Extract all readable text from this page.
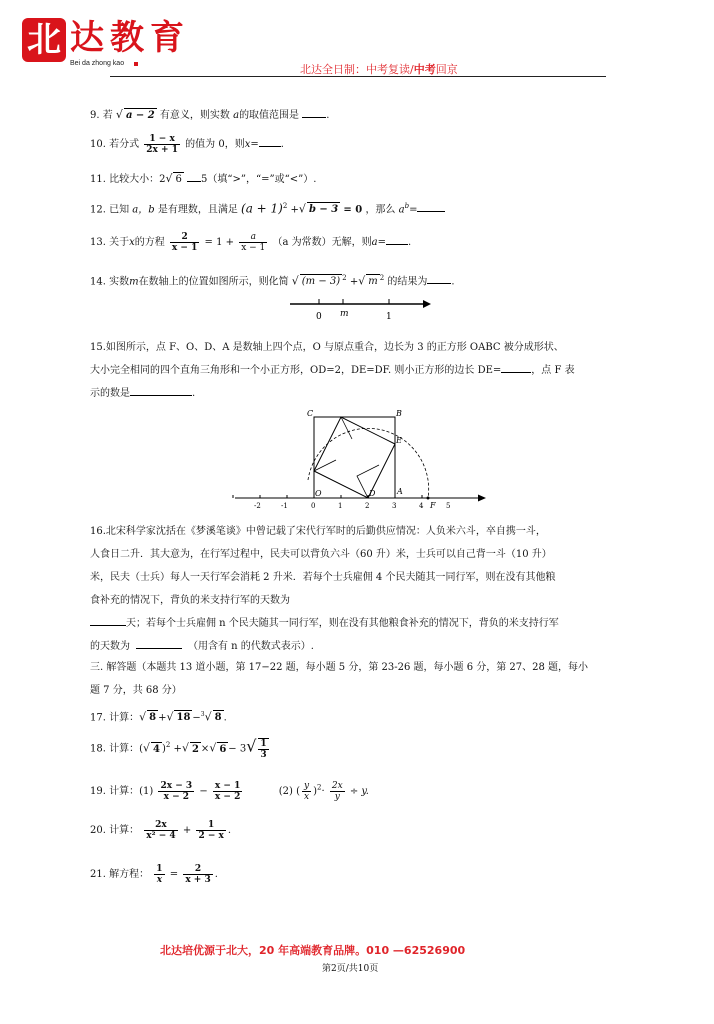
北 达教育
Bei da zhong kao	北达全日制：中考复读/中考回京
9. 若 √ a − 2 有意义，则实数 a的取值范围是	.
10. 若分式 $\frac{1 - x}{2x + 1}$ 的值为 0，则x= .
11. 比较大小：2√ 6 5（填“>”，“=”或“<”）.
12. 已知 a，b 是有理数，且满足 $(a + 1)^2$ +√ b − 3 = 0 ，那么 $a^b=$
13. 关于x的方程 $\frac{2}{x - 1} = 1 + \frac{a}{x - 1} (a$ 为常数）无解，则a= .
14. 实数m在数轴上的位置如图所示，则化简 √ (m − 3) $^2$ +√ m $^2$ 的结果为 .
0 m	1
15.如图所示，点 F、O、D、A 是数轴上四个点，O 与原点重合，边长为 3 的正方形 OABC 被分成形状、
大小完全相同的四个直角三角形和一个小正方形，OD=2，DE=DF. 则小正方形的边长 DE=	，点 F 表
示的数是	.
-2	-1	0	1	2	3	4	5
C	B
E
O	D	A
F
16.北宋科学家沈括在《梦溪笔谈》中曾记载了宋代行军时的后勤供应情况：人负米六斗，卒自携一斗，
人食日二升．其大意为，在行军过程中，民夫可以背负六斗（60 升）米，士兵可以自己背一斗（10 升）
米，民夫（士兵）每人一天行军会消耗 2 升米．若每个士兵雇佣 4 个民夫随其一同行军，则在没有其他粮
食补充的情况下，背负的米支持行军的天数为
天；若每个士兵雇佣 n 个民夫随其一同行军，则在没有其他粮食补充的情况下，背负的米支持行军
的天数为	（用含有 n 的代数式表示）.
三. 解答题（本题共 13 道小题，第 17−22 题，每小题 5 分，第 23-26 题，每小题 6 分，第 27、28 题，每小
题 7 分，共 68 分）
17. 计算：√ 8 +√ 18 −$^3$√ 8 .
18. 计算：(√ 4 )$^2$ +√ 2 ×√ $6 - 3√ \frac{1}{3}$
19. 计算：$(1) \frac{2x - 3}{x - 2} - \frac{x - 1}{x - 2}$	(2) ( $\frac{y}{x} )^2\cdot \frac{2x}{y} \div y$.
20. 计算： $\frac{2x}{\text{x² − 4}} + \frac{1}{2 - x}$ .
21. 解方程： $\frac{1}{x} = \frac{2}{x + 3}$ .
北达培优源于北大，20 年高端教育品牌。010 —62526900
第2页/共10页
